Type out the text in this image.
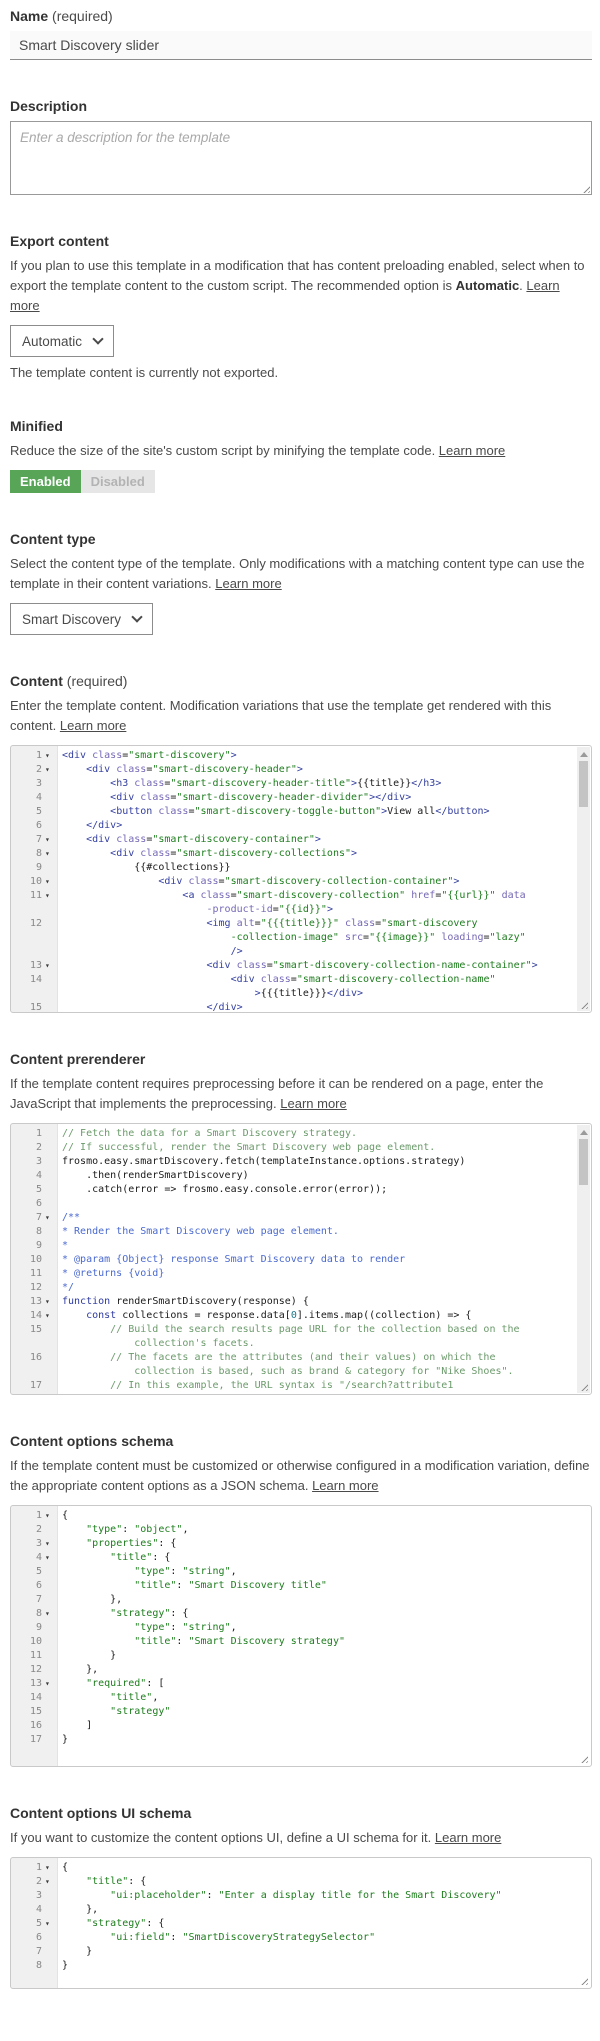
Name (required)
Smart Discovery slider
Description
Enter a description for the template
Export content

If you plan to use this template in a modification that has content preloading enabled, select when to export the template content to the custom script. The recommended option is Automatic. Learn more

Automatic
The template content is currently not exported.
Minified

Reduce the size of the site's custom script by minifying the template code. Learn more

Enabled	Disabled
Content type

Select the content type of the template. Only modifications with a matching content type can use the template in their content variations. Learn more

Smart Discovery
Content (required)

Enter the template content. Modification variations that use the template get rendered with this content. Learn more

1 ▾	<div class="smart-discovery">
2 ▾	<div class="smart-discovery-header">
3	<h3 class="smart-discovery-header-title">{{title}}</h3>
4	<div class="smart-discovery-header-divider"></div>
5	<button class="smart-discovery-toggle-button">View all</button>
6	</div>
7 ▾	<div class="smart-discovery-container">
8 ▾	<div class="smart-discovery-collections">
9	{{#collections}}
10 ▾	<div class="smart-discovery-collection-container">
11 ▾	<a class="smart-discovery-collection" href="{{url}}" data
-product-id="{{id}}">
12	<img alt="{{{title}}}" class="smart-discovery
-collection-image" src="{{image}}" loading="lazy"
/>
13 ▾	<div class="smart-discovery-collection-name-container">
14	<div class="smart-discovery-collection-name"
>{{{title}}}</div>
15	</div>
Content prerenderer

If the template content requires preprocessing before it can be rendered on a page, enter the JavaScript that implements the preprocessing. Learn more

1	// Fetch the data for a Smart Discovery strategy.
2	// If successful, render the Smart Discovery web page element.
3	frosmo.easy.smartDiscovery.fetch(templateInstance.options.strategy)
4	.then(renderSmartDiscovery)
5	.catch(error => frosmo.easy.console.error(error));
6
7 ▾	/**
8	* Render the Smart Discovery web page element.
9	*
10	* @param {Object} response Smart Discovery data to render
11	* @returns {void}
12	*/
13 ▾	function renderSmartDiscovery(response) {
14 ▾	const collections = response.data[0].items.map((collection) => {
15	// Build the search results page URL for the collection based on the
collection's facets.
16	// The facets are the attributes (and their values) on which the
collection is based, such as brand & category for "Nike Shoes".
17	// In this example, the URL syntax is "/search?attribute1
Content options schema

If the template content must be customized or otherwise configured in a modification variation, define the appropriate content options as a JSON schema. Learn more

1 ▾	{
2	"type": "object",
3 ▾	"properties": {
4 ▾	"title": {
5	"type": "string",
6	"title": "Smart Discovery title"
7	},
8 ▾	"strategy": {
9	"type": "string",
10	"title": "Smart Discovery strategy"
11	}
12	},
13 ▾	"required": [
14	"title",
15	"strategy"
16	]
17	}
Content options UI schema

If you want to customize the content options UI, define a UI schema for it. Learn more

1 ▾	{
2 ▾	"title": {
3	"ui:placeholder": "Enter a display title for the Smart Discovery"
4	},
5 ▾	"strategy": {
6	"ui:field": "SmartDiscoveryStrategySelector"
7	}
8	}
